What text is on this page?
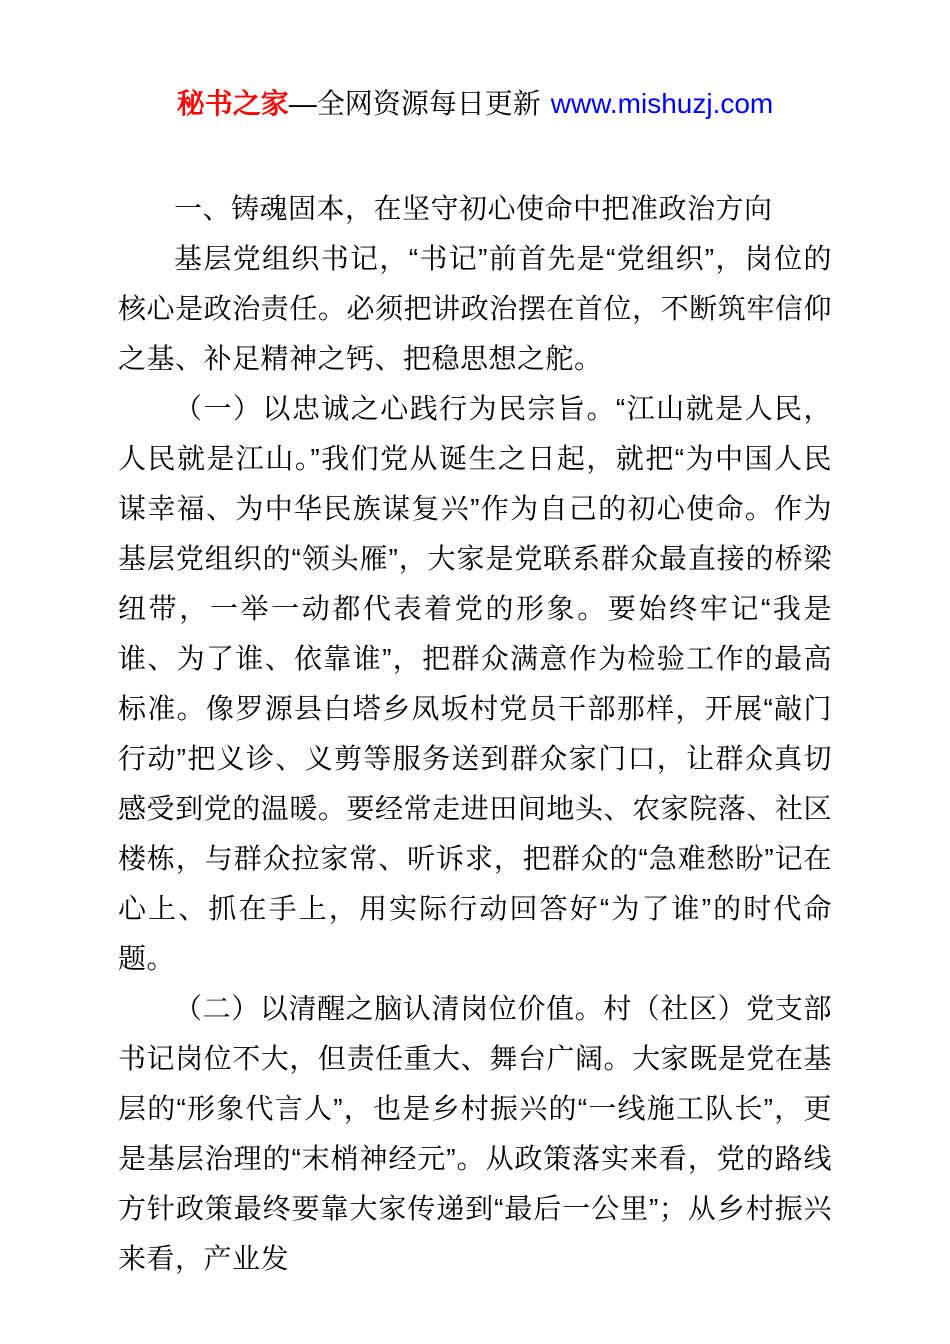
秘书之家—全网资源每日更新 www.mishuzj.com

一、铸魂固本，在坚守初心使命中把准政治方向

基层党组织书记，“书记”前首先是“党组织”，岗位的核心是政治责任。必须把讲政治摆在首位，不断筑牢信仰之基、补足精神之钙、把稳思想之舵。

（一）以忠诚之心践行为民宗旨。“江山就是人民，人民就是江山。”我们党从诞生之日起，就把“为中国人民谋幸福、为中华民族谋复兴”作为自己的初心使命。作为基层党组织的“领头雁”，大家是党联系群众最直接的桥梁纽带，一举一动都代表着党的形象。要始终牢记“我是谁、为了谁、依靠谁”，把群众满意作为检验工作的最高标准。像罗源县白塔乡凤坂村党员干部那样，开展“敲门行动”把义诊、义剪等服务送到群众家门口，让群众真切感受到党的温暖。要经常走进田间地头、农家院落、社区楼栋，与群众拉家常、听诉求，把群众的“急难愁盼”记在心上、抓在手上，用实际行动回答好“为了谁”的时代命题。

（二）以清醒之脑认清岗位价值。村（社区）党支部书记岗位不大，但责任重大、舞台广阔。大家既是党在基层的“形象代言人”，也是乡村振兴的“一线施工队长”，更是基层治理的“末梢神经元”。从政策落实来看，党的路线方针政策最终要靠大家传递到“最后一公里”；从乡村振兴来看，产业发
